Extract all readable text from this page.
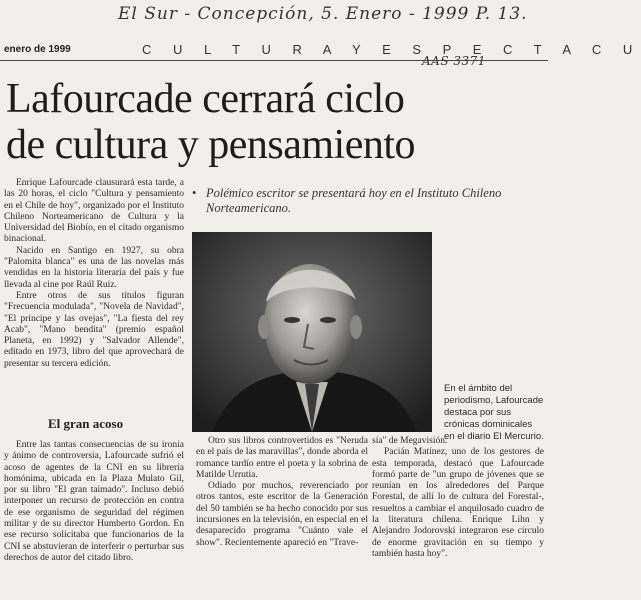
El Sur - Concepción, 5. Enero - 1999 P. 13.
AAS 3371
enero de 1999	C U L T U R A Y E S P E C T A C U
Lafourcade cerrará ciclo
de cultura y pensamiento

Enrique Lafourcade clausurará esta tarde, a las 20 horas, el ciclo "Cultura y pensamiento en el Chile de hoy", organizado por el Instituto Chileno Norteamericano de Cultura y la Universidad del Biobío, en el citado organismo binacional.

Nacido en Santigo en 1927, su obra "Palomita blanca" es una de las novelas más vendidas en la historia literaria del país y fue llevada al cine por Raúl Ruiz.

Entre otros de sus títulos figuran "Frecuencia modulada", "Novela de Navidad", "El príncipe y las ovejas", "La fiesta del rey Acab", "Mano bendita" (premio español Planeta, en 1992) y "Salvador Allende", editado en 1973, libro del que aprovechará de presentar su tercera edición.

El gran acoso

Entre las tantas consecuencias de su ironía y ánimo de controversia, Lafourcade sufrió el acoso de agentes de la CNI en su librería homónima, ubicada en la Plaza Mulato Gil, por su libro "El gran taimado". Incluso debió interponer un recurso de protección en contra de ese organismo de seguridad del régimen militar y de su director Humberto Gordon. En ese recurso solicitaba que funcionarios de la CNI se abstuvieran de interferir o perturbar sus derechos de autor del citado libro.

• Polémico escritor se presentará hoy en el Instituto Chileno Norteamericano.
En el ámbito del periodismo, Lafourcade destaca por sus crónicas dominicales en el diario El Mercurio.

Otro sus libros controvertidos es "Neruda en el país de las maravillas", donde aborda el romance tardío entre el poeta y la sobrina de Matilde Urrutia.

Odiado por muchos, reverenciado por otros tantos, este escritor de la Generación del 50 también se ha hecho conocido por sus incursiones en la televisión, en especial en el desaparecido programa "Cuánto vale el show". Recientemente apareció en "Trave-

sía" de Megavisión.

Pacián Matínez, uno de los gestores de esta temporada, destacó que Lafourcade formó parte de "un grupo de jóvenes que se reunían en los alrededores del Parque Forestal, de allí lo de cultura del Forestal-, resueltos a cambiar el anquilosado cuadro de la literatura chilena. Enrique Lihn y Alejandro Jodorovski integraron ese círculo de enorme gravitación en su tiempo y también hasta hoy".
